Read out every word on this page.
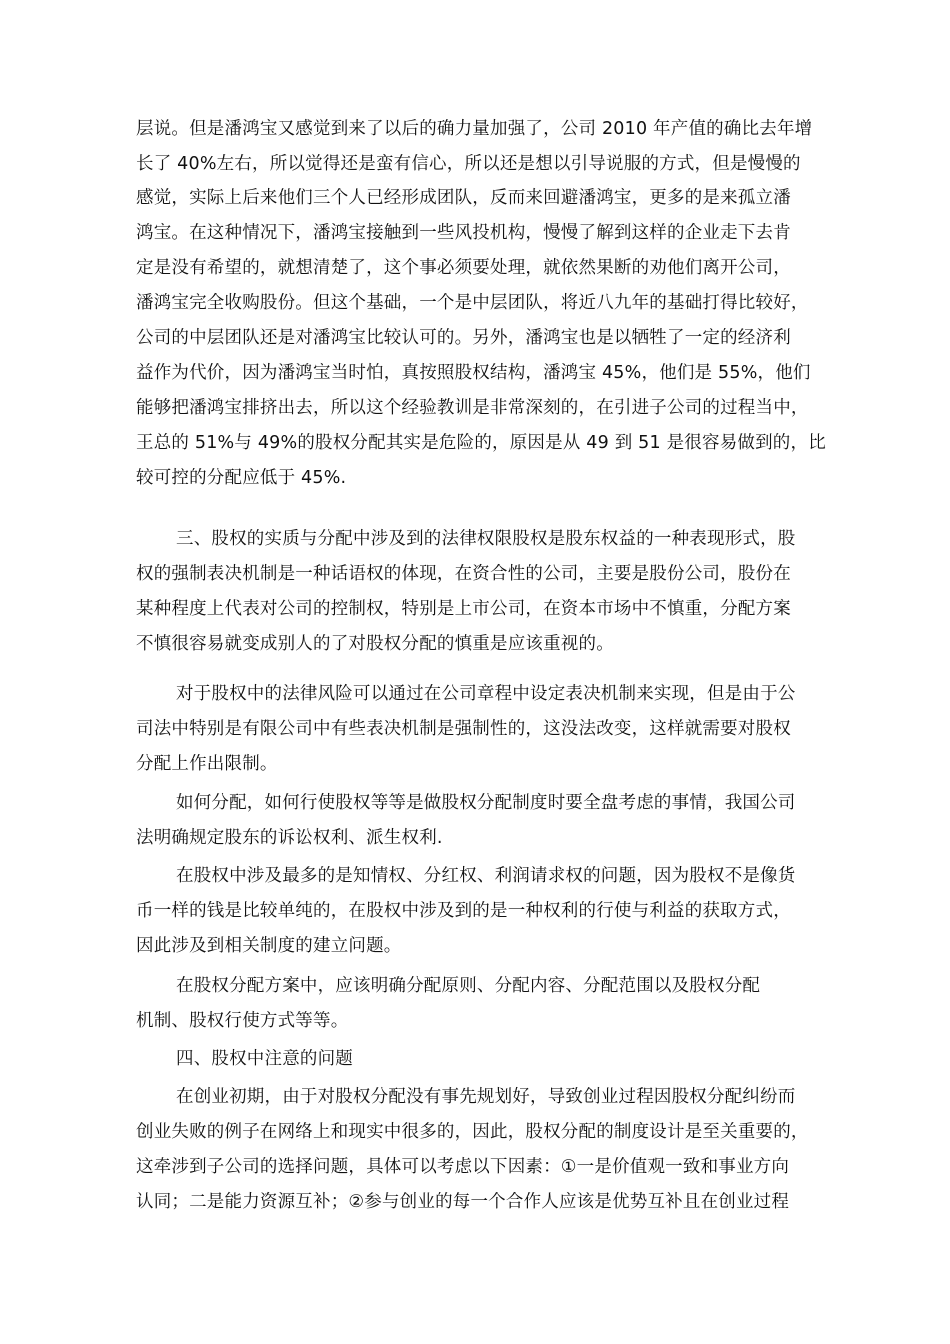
层说。但是潘鸿宝又感觉到来了以后的确力量加强了，公司 2010 年产值的确比去年增
长了 40%左右，所以觉得还是蛮有信心，所以还是想以引导说服的方式，但是慢慢的
感觉，实际上后来他们三个人已经形成团队，反而来回避潘鸿宝，更多的是来孤立潘
鸿宝。在这种情况下，潘鸿宝接触到一些风投机构，慢慢了解到这样的企业走下去肯
定是没有希望的，就想清楚了，这个事必须要处理，就依然果断的劝他们离开公司，
潘鸿宝完全收购股份。但这个基础，一个是中层团队，将近八九年的基础打得比较好，
公司的中层团队还是对潘鸿宝比较认可的。另外，潘鸿宝也是以牺牲了一定的经济利
益作为代价，因为潘鸿宝当时怕，真按照股权结构，潘鸿宝 45%，他们是 55%，他们
能够把潘鸿宝排挤出去，所以这个经验教训是非常深刻的，在引进子公司的过程当中，
王总的 51%与 49%的股权分配其实是危险的，原因是从 49 到 51 是很容易做到的，比
较可控的分配应低于 45%.
三、股权的实质与分配中涉及到的法律权限股权是股东权益的一种表现形式，股
权的强制表决机制是一种话语权的体现，在资合性的公司，主要是股份公司，股份在
某种程度上代表对公司的控制权，特别是上市公司，在资本市场中不慎重，分配方案
不慎很容易就变成别人的了对股权分配的慎重是应该重视的。
对于股权中的法律风险可以通过在公司章程中设定表决机制来实现，但是由于公
司法中特别是有限公司中有些表决机制是强制性的，这没法改变，这样就需要对股权
分配上作出限制。
如何分配，如何行使股权等等是做股权分配制度时要全盘考虑的事情，我国公司
法明确规定股东的诉讼权利、派生权利.
在股权中涉及最多的是知情权、分红权、利润请求权的问题，因为股权不是像货
币一样的钱是比较单纯的，在股权中涉及到的是一种权利的行使与利益的获取方式，
因此涉及到相关制度的建立问题。
在股权分配方案中，应该明确分配原则、分配内容、分配范围以及股权分配
机制、股权行使方式等等。
四、股权中注意的问题
在创业初期，由于对股权分配没有事先规划好，导致创业过程因股权分配纠纷而
创业失败的例子在网络上和现实中很多的，因此，股权分配的制度设计是至关重要的，
这牵涉到子公司的选择问题，具体可以考虑以下因素：①一是价值观一致和事业方向
认同；二是能力资源互补；②参与创业的每一个合作人应该是优势互补且在创业过程
